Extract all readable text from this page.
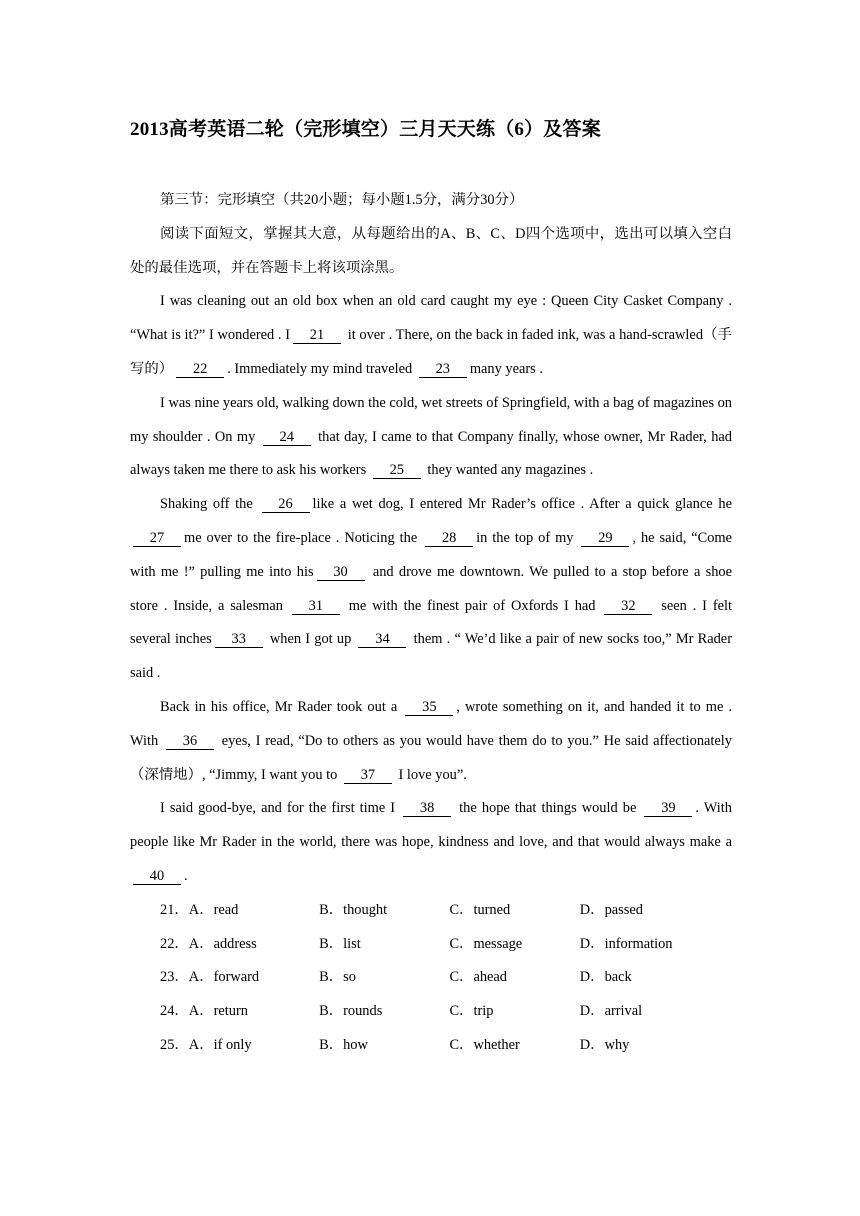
2013高考英语二轮（完形填空）三月天天练（6）及答案

第三节：完形填空（共20小题；每小题1.5分，满分30分）

阅读下面短文，掌握其大意，从每题给出的A、B、C、D四个选项中，选出可以填入空白处的最佳选项，并在答题卡上将该项涂黑。

I was cleaning out an old box when an old card caught my eye : Queen City Casket Company . “What is it?” I wondered . I 21 it over . There, on the back in faded ink, was a hand-scrawled（手写的） 22 . Immediately my mind traveled 23 many years .

I was nine years old, walking down the cold, wet streets of Springfield, with a bag of magazines on my shoulder . On my 24 that day, I came to that Company finally, whose owner, Mr Rader, had always taken me there to ask his workers 25 they wanted any magazines .

Shaking off the 26 like a wet dog, I entered Mr Rader’s office . After a quick glance he 27 me over to the fire-place . Noticing the 28 in the top of my 29 , he said, “Come with me !” pulling me into his 30 and drove me downtown. We pulled to a stop before a shoe store . Inside, a salesman 31 me with the finest pair of Oxfords I had 32 seen . I felt several inches 33 when I got up 34 them . “ We’d like a pair of new socks too,” Mr Rader said .

Back in his office, Mr Rader took out a 35 , wrote something on it, and handed it to me . With 36 eyes, I read, “Do to others as you would have them do to you.” He said affectionately （深情地）, “Jimmy, I want you to 37 I love you”.

I said good-bye, and for the first time I 38 the hope that things would be 39 . With people like Mr Rader in the world, there was hope, kindness and love, and that would always make a 40 .

21． A．read	B．thought	C．turned	D．passed
22． A．address	B．list	C．message	D．information
23． A．forward	B．so	C．ahead	D．back
24． A．return	B．rounds	C．trip	D．arrival
25． A．if only	B．how	C．whether	D．why
